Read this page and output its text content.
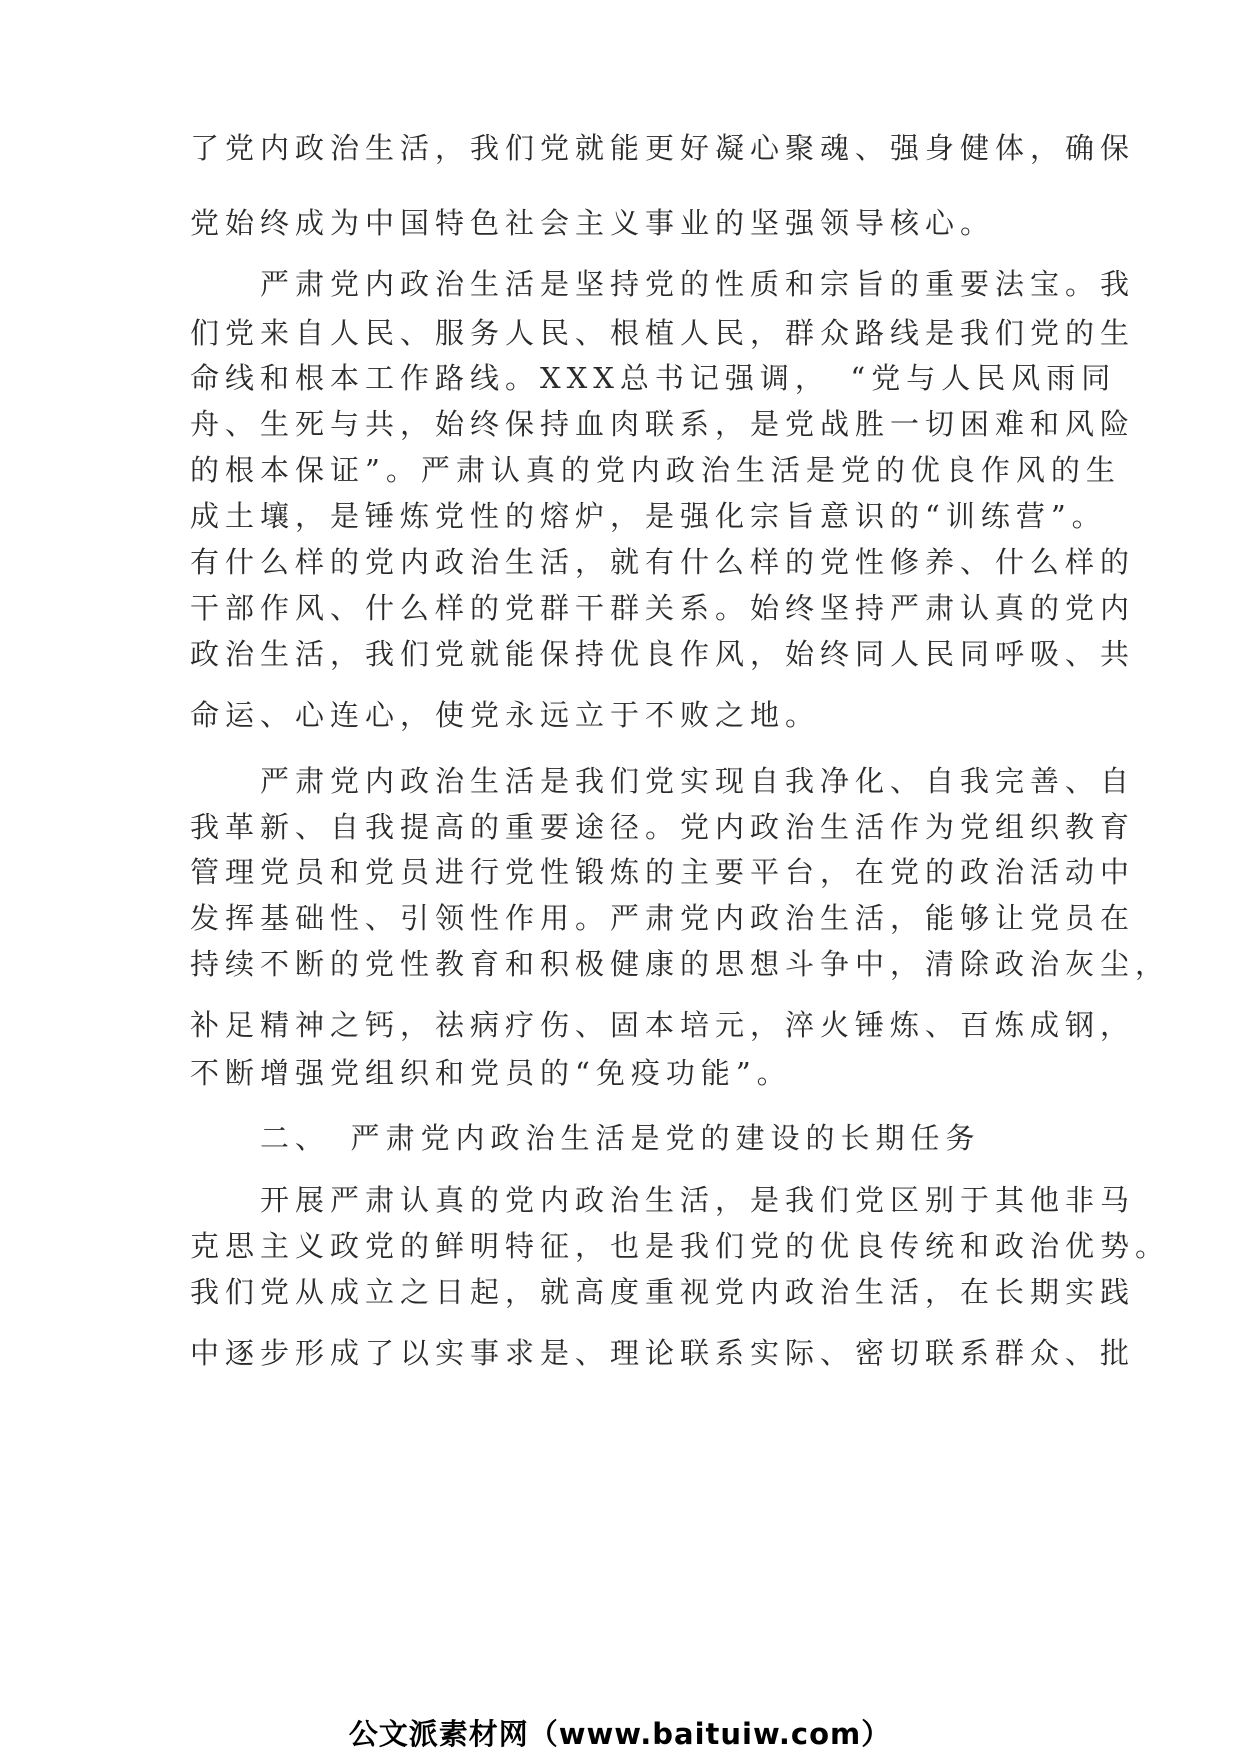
了党内政治生活，我们党就能更好凝心聚魂、强身健体，确保
党始终成为中国特色社会主义事业的坚强领导核心。
　　严肃党内政治生活是坚持党的性质和宗旨的重要法宝。我
们党来自人民、服务人民、根植人民，群众路线是我们党的生
命线和根本工作路线。XXX总书记强调，　“党与人民风雨同
舟、生死与共，始终保持血肉联系，是党战胜一切困难和风险
的根本保证”。严肃认真的党内政治生活是党的优良作风的生
成土壤，是锤炼党性的熔炉，是强化宗旨意识的“训练营”。
有什么样的党内政治生活，就有什么样的党性修养、什么样的
干部作风、什么样的党群干群关系。始终坚持严肃认真的党内
政治生活，我们党就能保持优良作风，始终同人民同呼吸、共
命运、心连心，使党永远立于不败之地。
　　严肃党内政治生活是我们党实现自我净化、自我完善、自
我革新、自我提高的重要途径。党内政治生活作为党组织教育
管理党员和党员进行党性锻炼的主要平台，在党的政治活动中
发挥基础性、引领性作用。严肃党内政治生活，能够让党员在
持续不断的党性教育和积极健康的思想斗争中，清除政治灰尘，
补足精神之钙，祛病疗伤、固本培元，淬火锤炼、百炼成钢，
不断增强党组织和党员的“免疫功能”。
　　二、　严肃党内政治生活是党的建设的长期任务
　　开展严肃认真的党内政治生活，是我们党区别于其他非马
克思主义政党的鲜明特征，也是我们党的优良传统和政治优势。
我们党从成立之日起，就高度重视党内政治生活，在长期实践
中逐步形成了以实事求是、理论联系实际、密切联系群众、批
公文派素材网（www.baituiw.com）
